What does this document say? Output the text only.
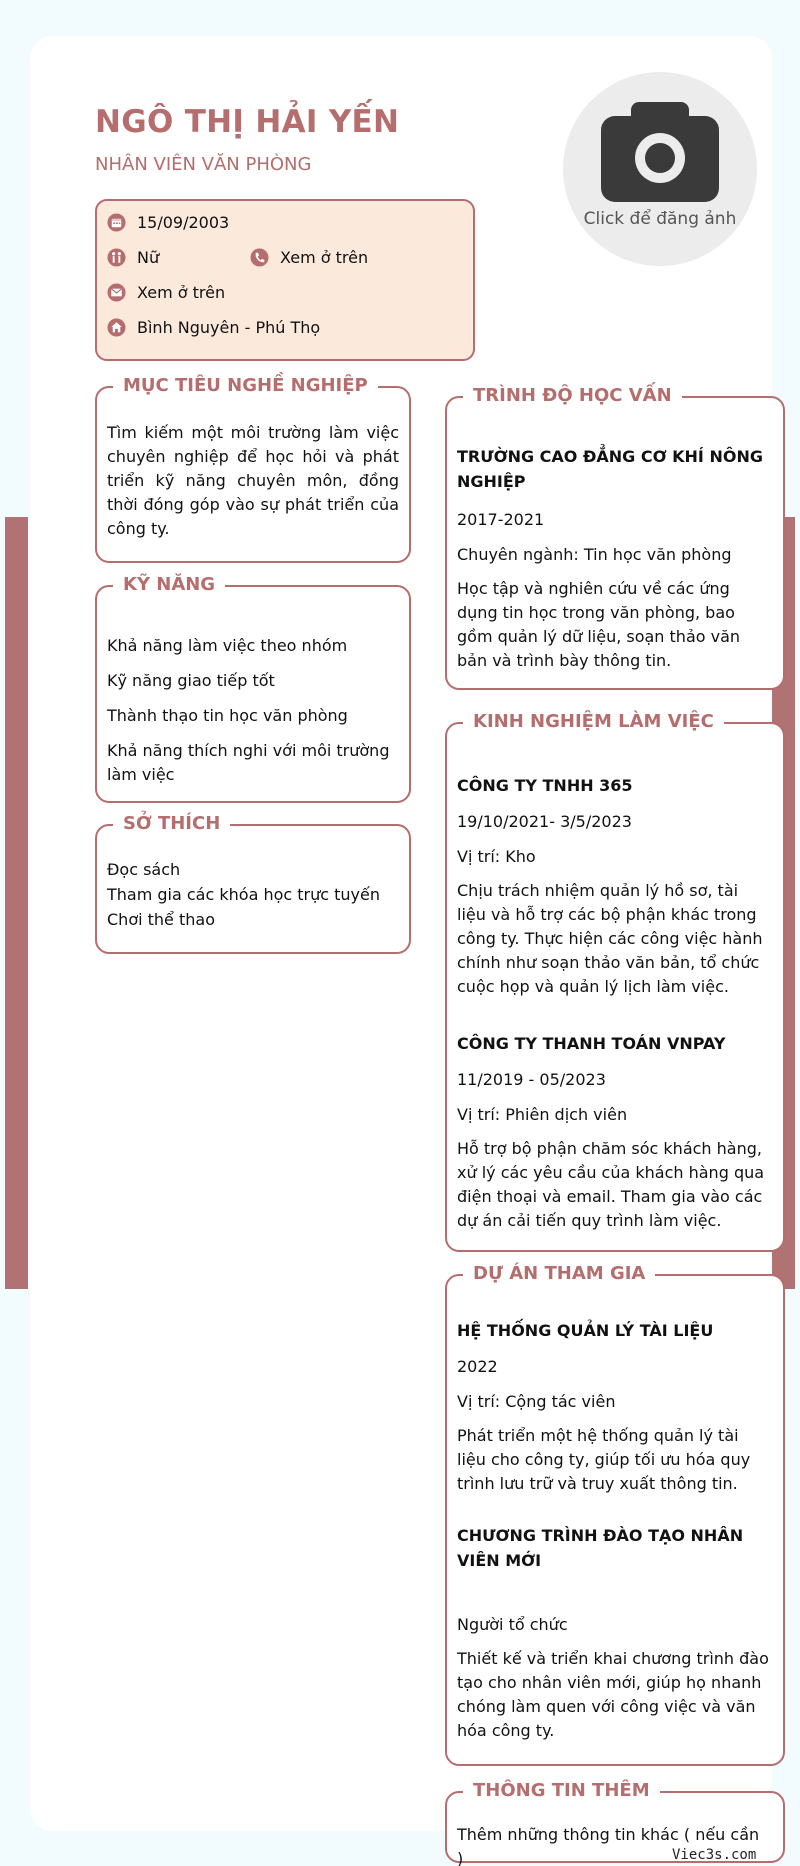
NGÔ THỊ HẢI YẾN
NHÂN VIÊN VĂN PHÒNG
Click để đăng ảnh
15/09/2003
Nữ	Xem ở trên
Xem ở trên
Bình Nguyên - Phú Thọ
MỤC TIÊU NGHỀ NGHIỆP
Tìm kiếm một môi trường làm việc chuyên nghiệp để học hỏi và phát triển kỹ năng chuyên môn, đồng thời đóng góp vào sự phát triển của công ty.
KỸ NĂNG
Khả năng làm việc theo nhóm
Kỹ năng giao tiếp tốt
Thành thạo tin học văn phòng
Khả năng thích nghi với môi trường làm việc
SỞ THÍCH
Đọc sách
Tham gia các khóa học trực tuyến
Chơi thể thao
TRÌNH ĐỘ HỌC VẤN
TRƯỜNG CAO ĐẲNG CƠ KHÍ NÔNG NGHIỆP
2017-2021
Chuyên ngành: Tin học văn phòng
Học tập và nghiên cứu về các ứng dụng tin học trong văn phòng, bao gồm quản lý dữ liệu, soạn thảo văn bản và trình bày thông tin.
KINH NGHIỆM LÀM VIỆC
CÔNG TY TNHH 365
19/10/2021- 3/5/2023
Vị trí: Kho
Chịu trách nhiệm quản lý hồ sơ, tài liệu và hỗ trợ các bộ phận khác trong công ty. Thực hiện các công việc hành chính như soạn thảo văn bản, tổ chức cuộc họp và quản lý lịch làm việc.
CÔNG TY THANH TOÁN VNPAY
11/2019 - 05/2023
Vị trí: Phiên dịch viên
Hỗ trợ bộ phận chăm sóc khách hàng, xử lý các yêu cầu của khách hàng qua điện thoại và email. Tham gia vào các dự án cải tiến quy trình làm việc.
DỰ ÁN THAM GIA
HỆ THỐNG QUẢN LÝ TÀI LIỆU
2022
Vị trí: Cộng tác viên
Phát triển một hệ thống quản lý tài liệu cho công ty, giúp tối ưu hóa quy trình lưu trữ và truy xuất thông tin.
CHƯƠNG TRÌNH ĐÀO TẠO NHÂN VIÊN MỚI
Người tổ chức
Thiết kế và triển khai chương trình đào tạo cho nhân viên mới, giúp họ nhanh chóng làm quen với công việc và văn hóa công ty.
THÔNG TIN THÊM
Thêm những thông tin khác ( nếu cần )	Viec3s.com
